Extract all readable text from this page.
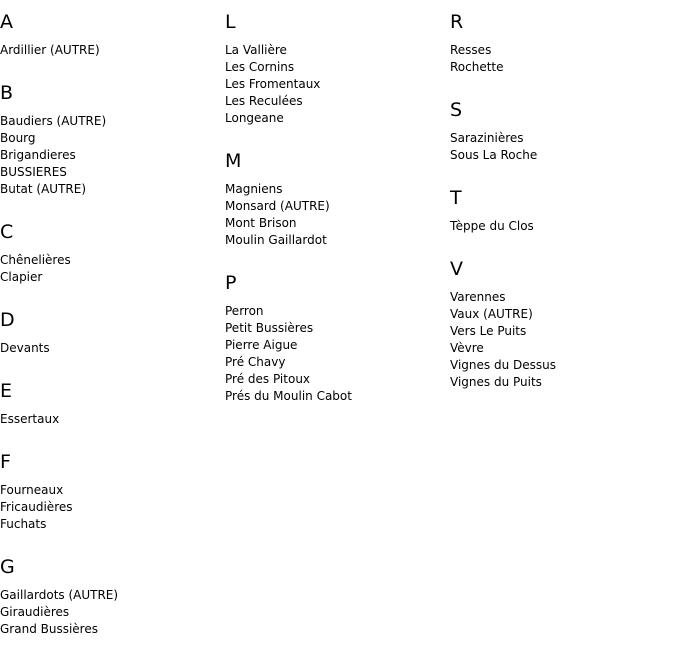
A
Ardillier (AUTRE)
B
Baudiers (AUTRE)
Bourg
Brigandieres
BUSSIERES
Butat (AUTRE)
C
Chênelières
Clapier
D
Devants
E
Essertaux
F
Fourneaux
Fricaudières
Fuchats
G
Gaillardots (AUTRE)
Giraudières
Grand Bussières
L
La Vallière
Les Cornins
Les Fromentaux
Les Reculées
Longeane
M
Magniens
Monsard (AUTRE)
Mont Brison
Moulin Gaillardot
P
Perron
Petit Bussières
Pierre Aigue
Pré Chavy
Pré des Pitoux
Prés du Moulin Cabot
R
Resses
Rochette
S
Sarazinières
Sous La Roche
T
Tèppe du Clos
V
Varennes
Vaux (AUTRE)
Vers Le Puits
Vèvre
Vignes du Dessus
Vignes du Puits
